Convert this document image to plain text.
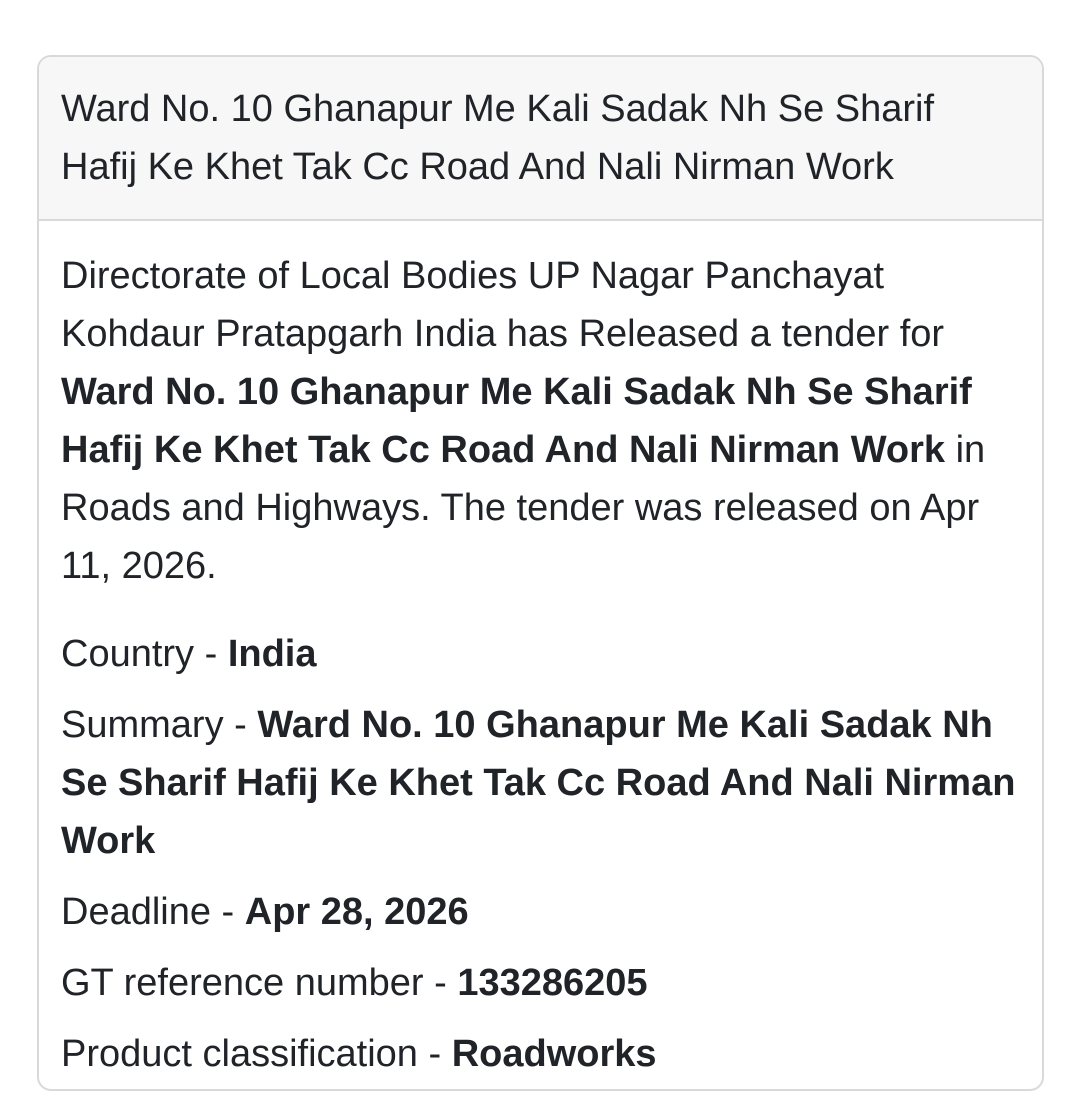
Ward No. 10 Ghanapur Me Kali Sadak Nh Se Sharif Hafij Ke Khet Tak Cc Road And Nali Nirman Work

Directorate of Local Bodies UP Nagar Panchayat Kohdaur Pratapgarh India has Released a tender for Ward No. 10 Ghanapur Me Kali Sadak Nh Se Sharif Hafij Ke Khet Tak Cc Road And Nali Nirman Work in Roads and Highways. The tender was released on Apr 11, 2026.

Country - India

Summary - Ward No. 10 Ghanapur Me Kali Sadak Nh Se Sharif Hafij Ke Khet Tak Cc Road And Nali Nirman Work

Deadline - Apr 28, 2026

GT reference number - 133286205

Product classification - Roadworks
